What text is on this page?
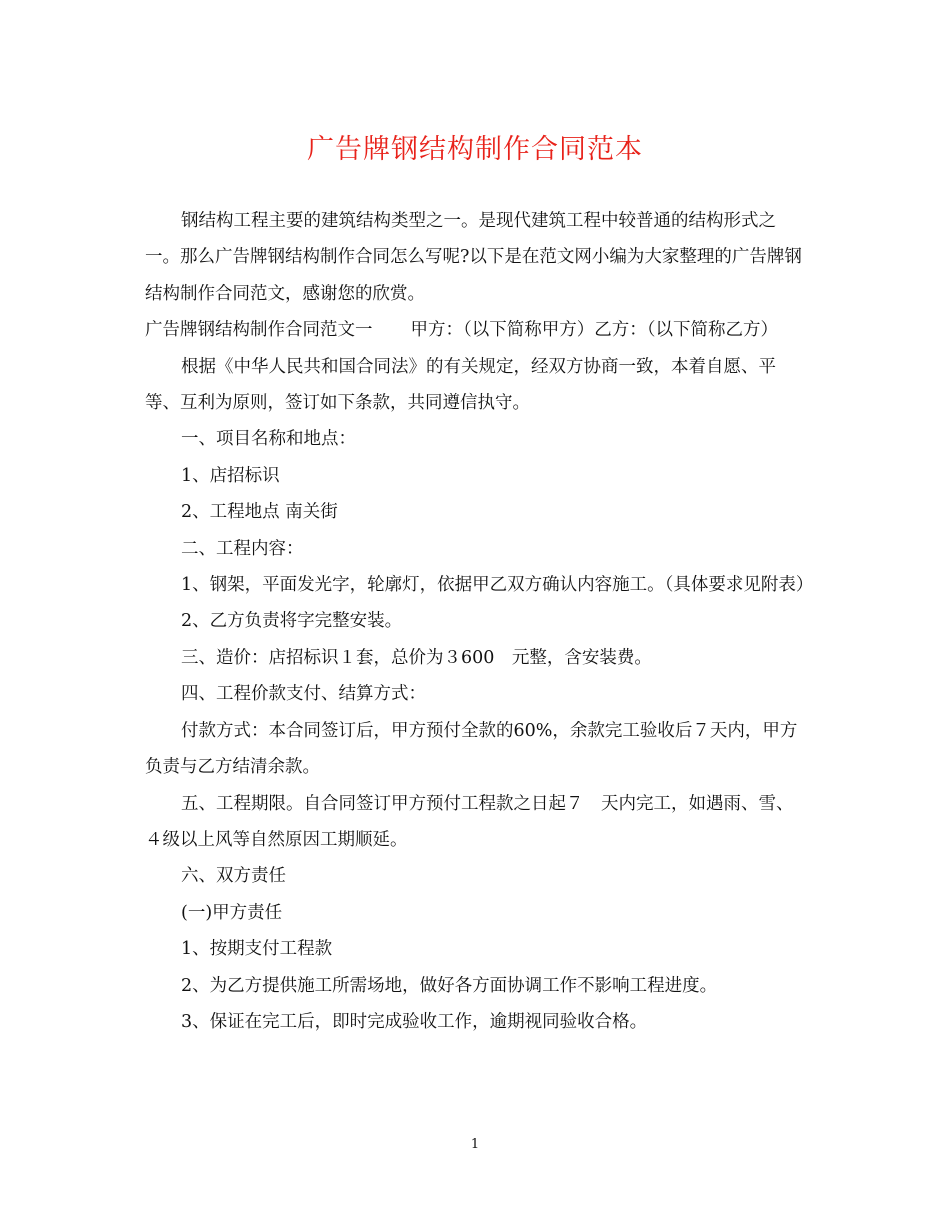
广告牌钢结构制作合同范本

钢结构工程主要的建筑结构类型之一。是现代建筑工程中较普通的结构形式之一。那么广告牌钢结构制作合同怎么写呢?以下是在范文网小编为大家整理的广告牌钢结构制作合同范文，感谢您的欣赏。

广告牌钢结构制作合同范文一 甲方：（以下简称甲方）乙方：（以下简称乙方）

根据《中华人民共和国合同法》的有关规定，经双方协商一致，本着自愿、平等、互利为原则，签订如下条款，共同遵信执守。

一、项目名称和地点：

1、店招标识

2、工程地点 南关街

二、工程内容：

1、钢架，平面发光字，轮廓灯，依据甲乙双方确认内容施工。（具体要求见附表）

2、乙方负责将字完整安装。

三、造价：店招标识１套，总价为３600　元整，含安装费。

四、工程价款支付、结算方式：

付款方式：本合同签订后，甲方预付全款的60%，余款完工验收后７天内，甲方负责与乙方结清余款。

五、工程期限。自合同签订甲方预付工程款之日起７　天内完工，如遇雨、雪、４级以上风等自然原因工期顺延。

六、双方责任

(一)甲方责任

1、按期支付工程款

2、为乙方提供施工所需场地，做好各方面协调工作不影响工程进度。

3、保证在完工后，即时完成验收工作，逾期视同验收合格。

1
